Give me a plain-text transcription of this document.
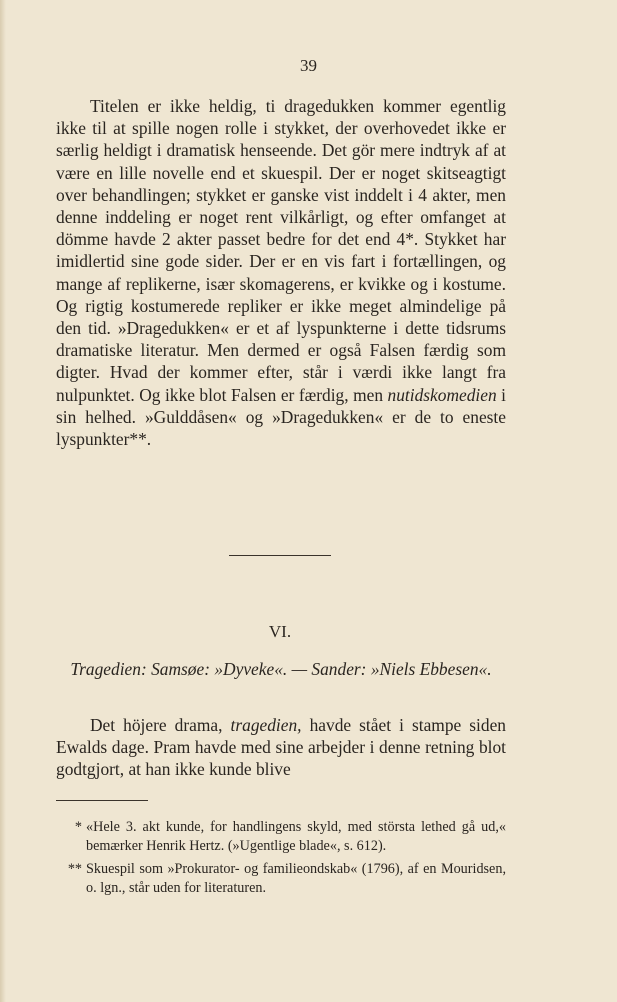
39
Titelen er ikke heldig, ti dragedukken kommer egentlig ikke til at spille nogen rolle i stykket, der overhovedet ikke er særlig heldigt i dramatisk henseende. Det gör mere indtryk af at være en lille novelle end et skuespil. Der er noget skitseagtigt over behandlingen; stykket er ganske vist inddelt i 4 akter, men denne inddeling er noget rent vilkårligt, og efter omfanget at dömme havde 2 akter passet bedre for det end 4*. Stykket har imidlertid sine gode sider. Der er en vis fart i fortællingen, og mange af replikerne, især skomagerens, er kvikke og i kostume. Og rigtig kostumerede repliker er ikke meget almindelige på den tid. »Dragedukken« er et af lyspunkterne i dette tidsrums dramatiske literatur. Men dermed er også Falsen færdig som digter. Hvad der kommer efter, står i værdi ikke langt fra nulpunktet. Og ikke blot Falsen er færdig, men nutidskomedien i sin helhed. »Gulddåsen« og »Dragedukken« er de to eneste lyspunkter**.
VI.
Tragedien: Samsøe: »Dyveke«. — Sander: »Niels Ebbesen«.
Det höjere drama, tragedien, havde stået i stampe siden Ewalds dage. Pram havde med sine arbejder i denne retning blot godtgjort, at han ikke kunde blive
* «Hele 3. akt kunde, for handlingens skyld, med största lethed gå ud,« bemærker Henrik Hertz. (»Ugentlige blade«, s. 612).
** Skuespil som »Prokurator- og familieondskab« (1796), af en Mouridsen, o. lgn., står uden for literaturen.
